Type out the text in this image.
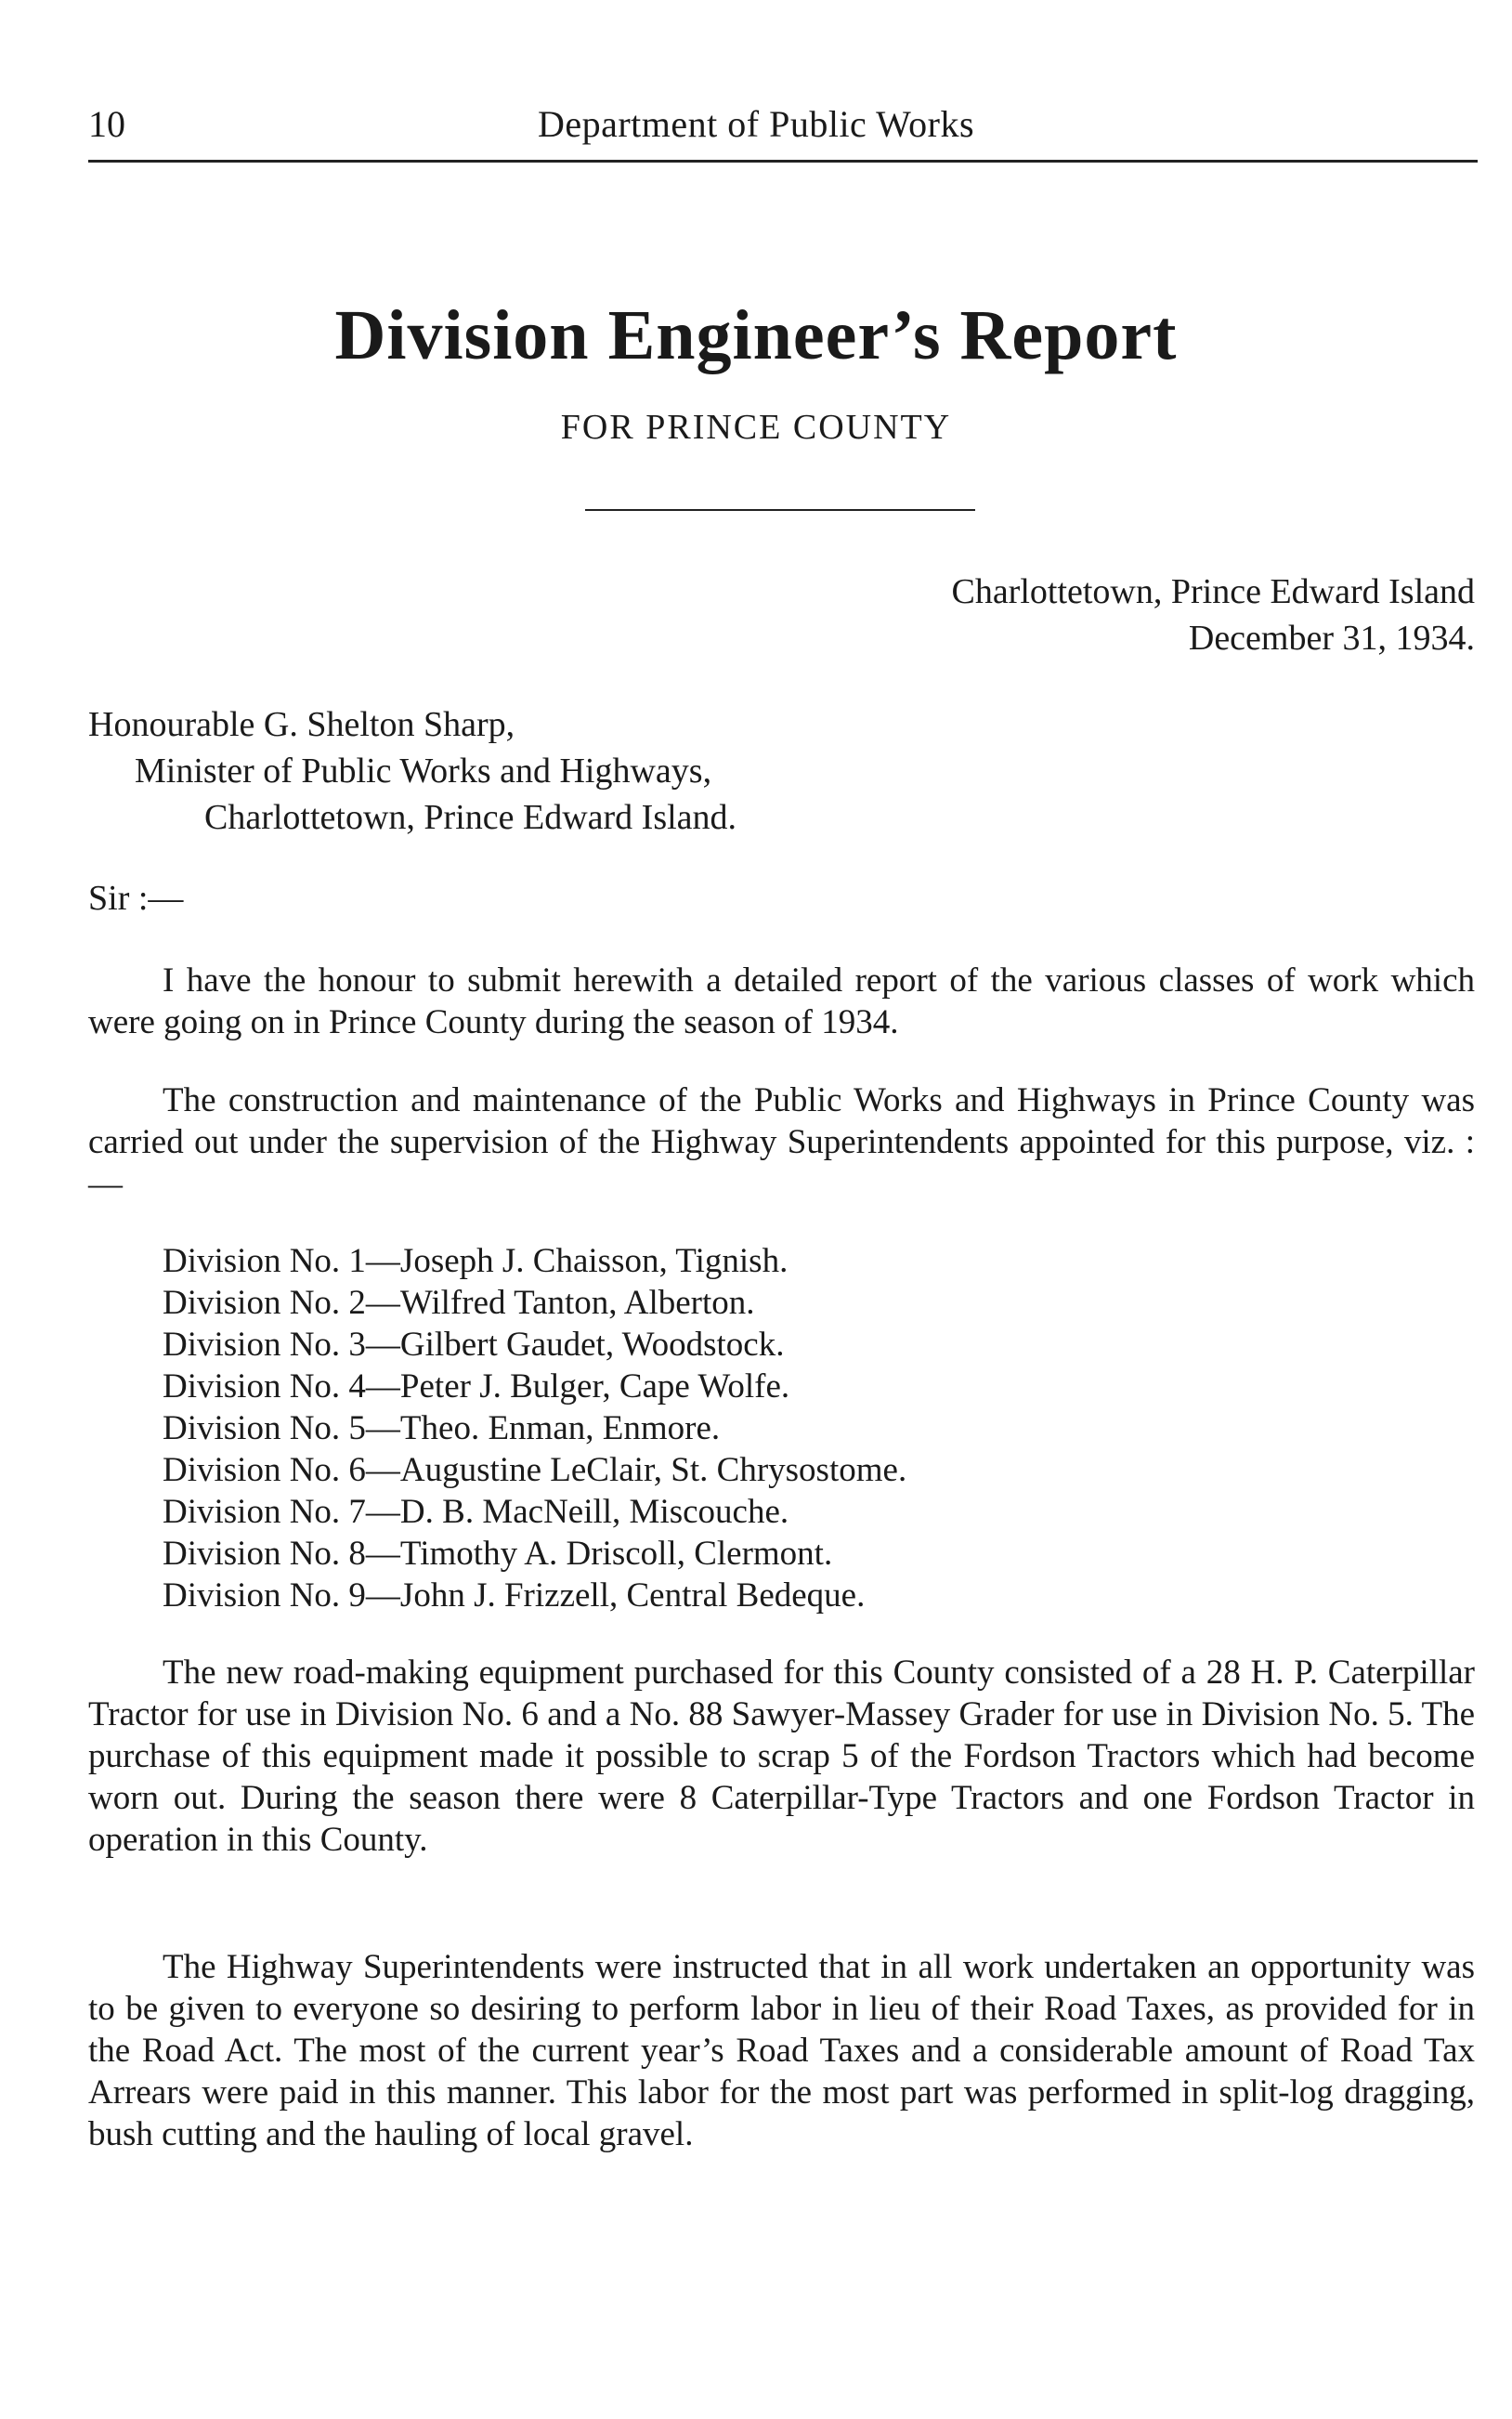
10	Department of Public Works
Division Engineer’s Report
FOR PRINCE COUNTY
Charlottetown, Prince Edward Island
December 31, 1934.
Honourable G. Shelton Sharp,
Minister of Public Works and Highways,
Charlottetown, Prince Edward Island.
Sir :—

I have the honour to submit herewith a detailed report of the various classes of work which were going on in Prince County during the season of 1934.

The construction and maintenance of the Public Works and Highways in Prince County was carried out under the supervision of the Highway Superintendents appointed for this purpose, viz. :—

Division No. 1—Joseph J. Chaisson, Tignish.
Division No. 2—Wilfred Tanton, Alberton.
Division No. 3—Gilbert Gaudet, Woodstock.
Division No. 4—Peter J. Bulger, Cape Wolfe.
Division No. 5—Theo. Enman, Enmore.
Division No. 6—Augustine LeClair, St. Chrysostome.
Division No. 7—D. B. MacNeill, Miscouche.
Division No. 8—Timothy A. Driscoll, Clermont.
Division No. 9—John J. Frizzell, Central Bedeque.

The new road-making equipment purchased for this County consisted of a 28 H. P. Caterpillar Tractor for use in Division No. 6 and a No. 88 Sawyer-Massey Grader for use in Division No. 5. The purchase of this equipment made it possible to scrap 5 of the Fordson Tractors which had become worn out. During the season there were 8 Caterpillar-Type Tractors and one Fordson Tractor in operation in this County.

The Highway Superintendents were instructed that in all work undertaken an opportunity was to be given to everyone so desiring to perform labor in lieu of their Road Taxes, as provided for in the Road Act. The most of the current year’s Road Taxes and a considerable amount of Road Tax Arrears were paid in this manner. This labor for the most part was performed in split-log dragging, bush cutting and the hauling of local gravel.
